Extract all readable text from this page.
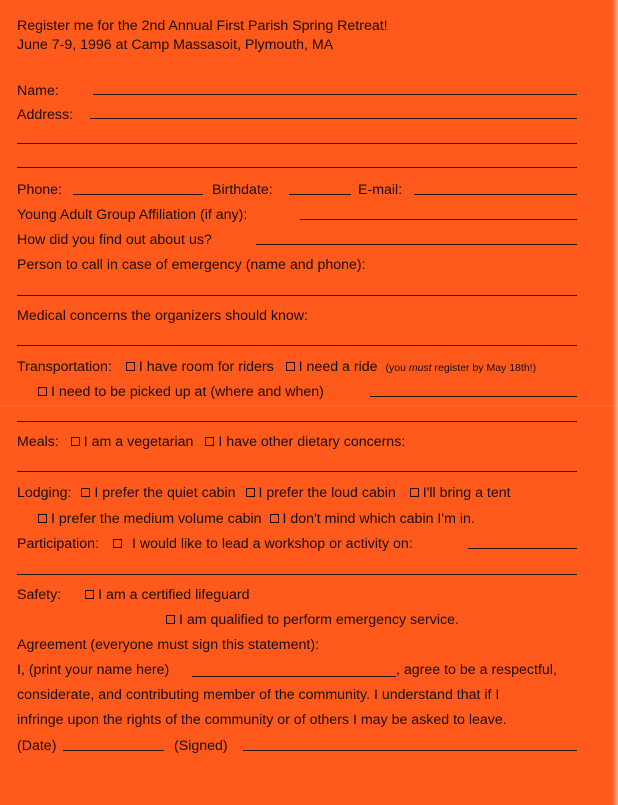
Register me for the 2nd Annual First Parish Spring Retreat!
June 7-9, 1996 at Camp Massasoit, Plymouth, MA
Name:
Address:
Phone:	Birthdate:	E-mail:
Young Adult Group Affiliation (if any):
How did you find out about us?
Person to call in case of emergency (name and phone):
Medical concerns the organizers should know:
Transportation: I have room for riders I need a ride (you must register by May 18th!)
I need to be picked up at (where and when)
Meals: I am a vegetarian I have other dietary concerns:
Lodging: I prefer the quiet cabin I prefer the loud cabin I'll bring a tent
I prefer the medium volume cabin I don't mind which cabin I'm in.
Participation: I would like to lead a workshop or activity on:
Safety:	I am a certified lifeguard
I am qualified to perform emergency service.
Agreement (everyone must sign this statement):
I, (print your name here)	, agree to be a respectful,
considerate, and contributing member of the community. I understand that if I
infringe upon the rights of the community or of others I may be asked to leave.
(Date)	(Signed)
